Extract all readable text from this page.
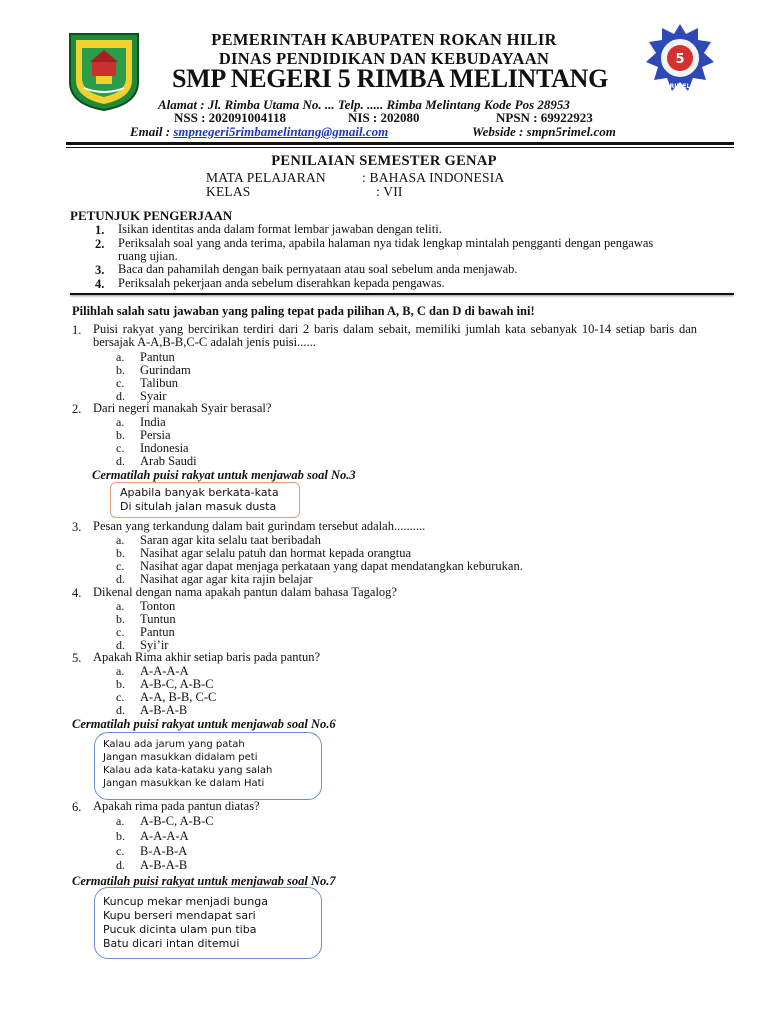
5
RIMEL
PEMERINTAH KABUPATEN ROKAN HILIR
DINAS PENDIDIKAN DAN KEBUDAYAAN
SMP NEGERI 5 RIMBA MELINTANG
Alamat : Jl. Rimba Utama No. ... Telp. ..... Rimba Melintang Kode Pos 28953
NSS : 202091004118	NIS : 202080	NPSN : 69922923
Email : smpnegeri5rimbamelintang@gmail.com	Webside : smpn5rimel.com
PENILAIAN SEMESTER GENAP
MATA PELAJARAN	: BAHASA INDONESIA
KELAS	: VII
PETUNJUK PENGERJAAN
1. Isikan identitas anda dalam format lembar jawaban dengan teliti.
2. Periksalah soal yang anda terima, apabila halaman nya tidak lengkap mintalah pengganti dengan pengawas ruang ujian.
3. Baca dan pahamilah dengan baik pernyataan atau soal sebelum anda menjawab.
4. Periksalah pekerjaan anda sebelum diserahkan kepada pengawas.
Pilihlah salah satu jawaban yang paling tepat pada pilihan A, B, C dan D di bawah ini!
1. Puisi rakyat yang bercirikan terdiri dari 2 baris dalam sebait, memiliki jumlah kata sebanyak 10-14 setiap baris dan bersajak A-A,B-B,C-C adalah jenis puisi......
a. Pantun
b. Gurindam
c. Talibun
d. Syair
2. Dari negeri manakah Syair berasal?
a. India
b. Persia
c. Indonesia
d. Arab Saudi
Cermatilah puisi rakyat untuk menjawab soal No.3
Apabila banyak berkata-kata
Di situlah jalan masuk dusta
3. Pesan yang terkandung dalam bait gurindam tersebut adalah..........
a. Saran agar kita selalu taat beribadah
b. Nasihat agar selalu patuh dan hormat kepada orangtua
c. Nasihat agar dapat menjaga perkataan yang dapat mendatangkan keburukan.
d. Nasihat agar agar kita rajin belajar
4. Dikenal dengan nama apakah pantun dalam bahasa Tagalog?
a. Tonton
b. Tuntun
c. Pantun
d. Syi’ir
5. Apakah Rima akhir setiap baris pada pantun?
a. A-A-A-A
b. A-B-C, A-B-C
c. A-A, B-B, C-C
d. A-B-A-B
Cermatilah puisi rakyat untuk menjawab soal No.6
Kalau ada jarum yang patah
Jangan masukkan didalam peti
Kalau ada kata-kataku yang salah
Jangan masukkan ke dalam Hati
6. Apakah rima pada pantun diatas?
a. A-B-C, A-B-C
b. A-A-A-A
c. B-A-B-A
d. A-B-A-B
Cermatilah puisi rakyat untuk menjawab soal No.7
Kuncup mekar menjadi bunga
Kupu berseri mendapat sari
Pucuk dicinta ulam pun tiba
Batu dicari intan ditemui
